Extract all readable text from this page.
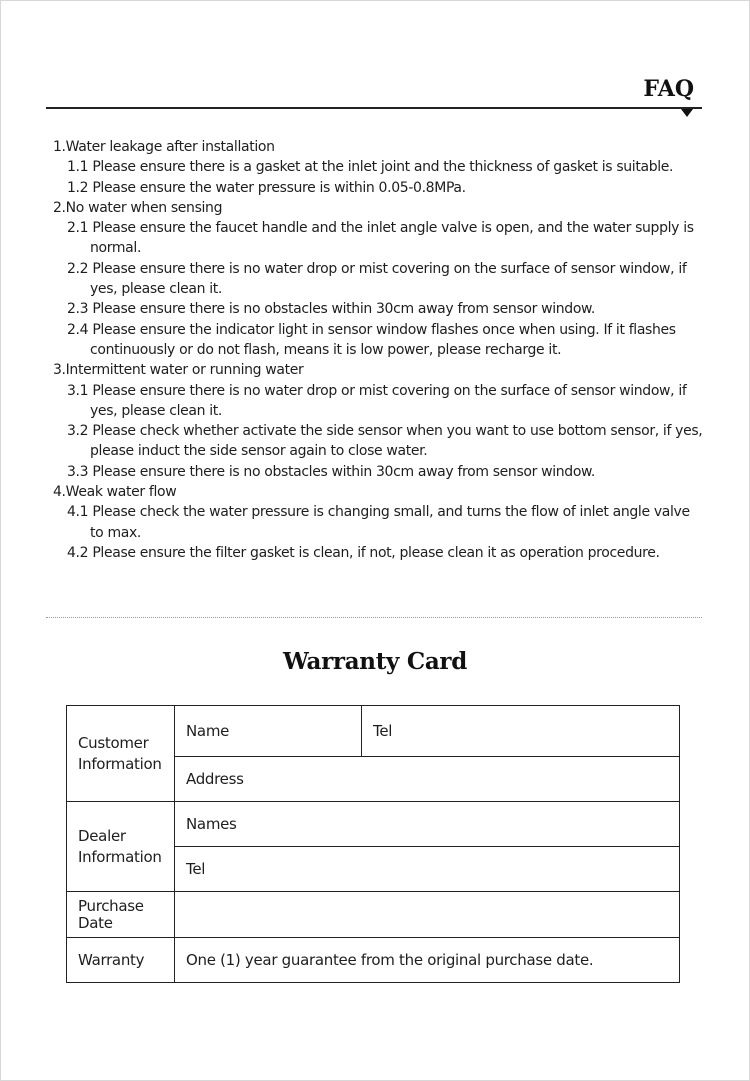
FAQ

1.Water leakage after installation

1.1 Please ensure there is a gasket at the inlet joint and the thickness of gasket is suitable.

1.2 Please ensure the water pressure is within 0.05-0.8MPa.

2.No water when sensing

2.1 Please ensure the faucet handle and the inlet angle valve is open, and the water supply is normal.

2.2 Please ensure there is no water drop or mist covering on the surface of sensor window, if yes, please clean it.

2.3 Please ensure there is no obstacles within 30cm away from sensor window.

2.4 Please ensure the indicator light in sensor window flashes once when using. If it flashes continuously or do not flash, means it is low power, please recharge it.

3.Intermittent water or running water

3.1 Please ensure there is no water drop or mist covering on the surface of sensor window, if yes, please clean it.

3.2 Please check whether activate the side sensor when you want to use bottom sensor, if yes, please induct the side sensor again to close water.

3.3 Please ensure there is no obstacles within 30cm away from sensor window.

4.Weak water flow

4.1 Please check the water pressure is changing small, and turns the flow of inlet angle valve to max.

4.2 Please ensure the filter gasket is clean, if not, please clean it as operation procedure.

Warranty Card
Customer Information	Name	Tel
	Address	
Dealer Information	Names	
	Tel	
Purchase Date		
Warranty	One (1) year guarantee from the original purchase date.	
